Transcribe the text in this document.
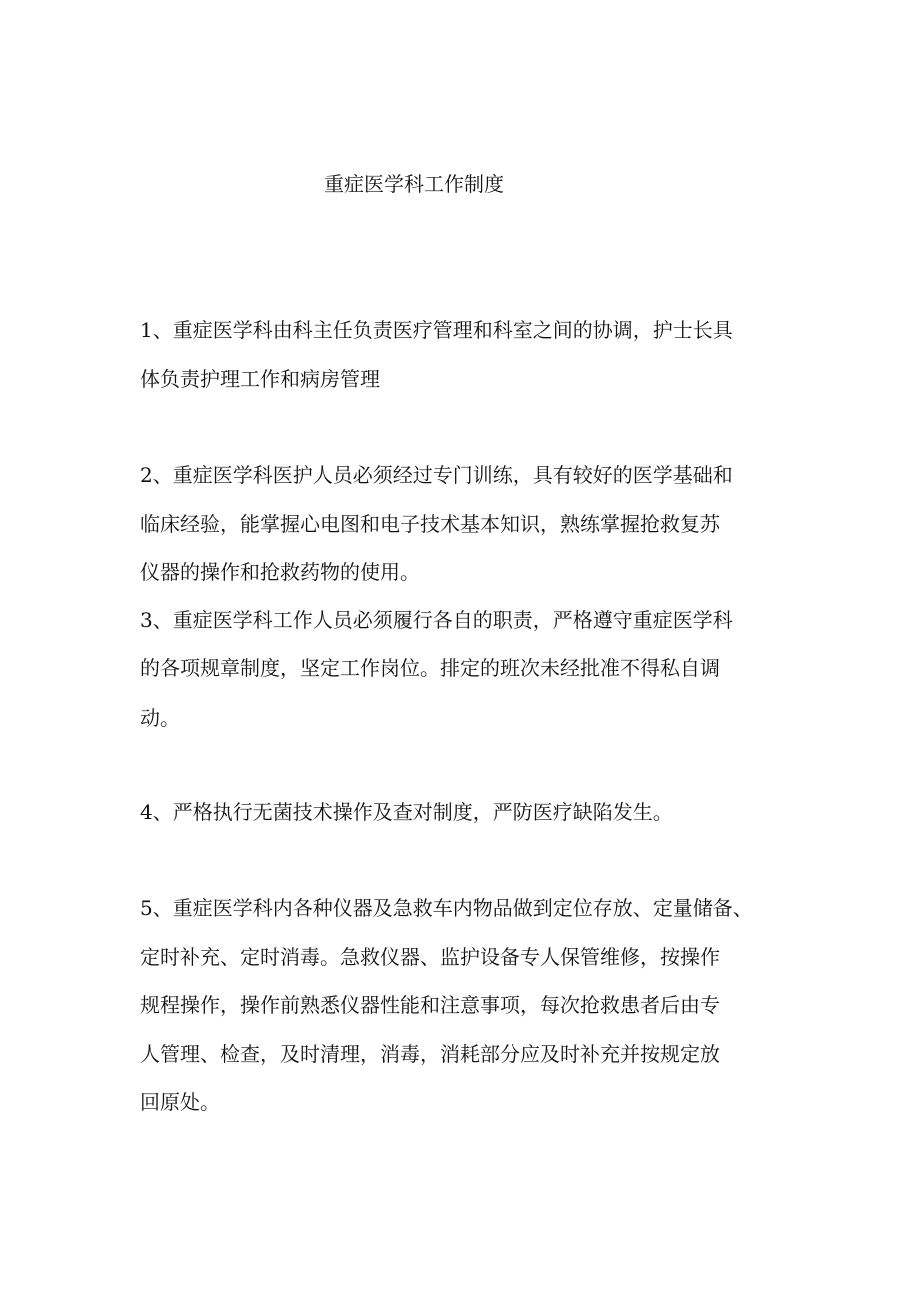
重症医学科工作制度
1、重症医学科由科主任负责医疗管理和科室之间的协调，护士长具
体负责护理工作和病房管理
2、重症医学科医护人员必须经过专门训练，具有较好的医学基础和
临床经验，能掌握心电图和电子技术基本知识，熟练掌握抢救复苏
仪器的操作和抢救药物的使用。
3、重症医学科工作人员必须履行各自的职责，严格遵守重症医学科
的各项规章制度，坚定工作岗位。排定的班次未经批准不得私自调
动。
4、严格执行无菌技术操作及查对制度，严防医疗缺陷发生。
5、重症医学科内各种仪器及急救车内物品做到定位存放、定量储备、
定时补充、定时消毒。急救仪器、监护设备专人保管维修，按操作
规程操作，操作前熟悉仪器性能和注意事项，每次抢救患者后由专
人管理、检查，及时清理，消毒，消耗部分应及时补充并按规定放
回原处。
